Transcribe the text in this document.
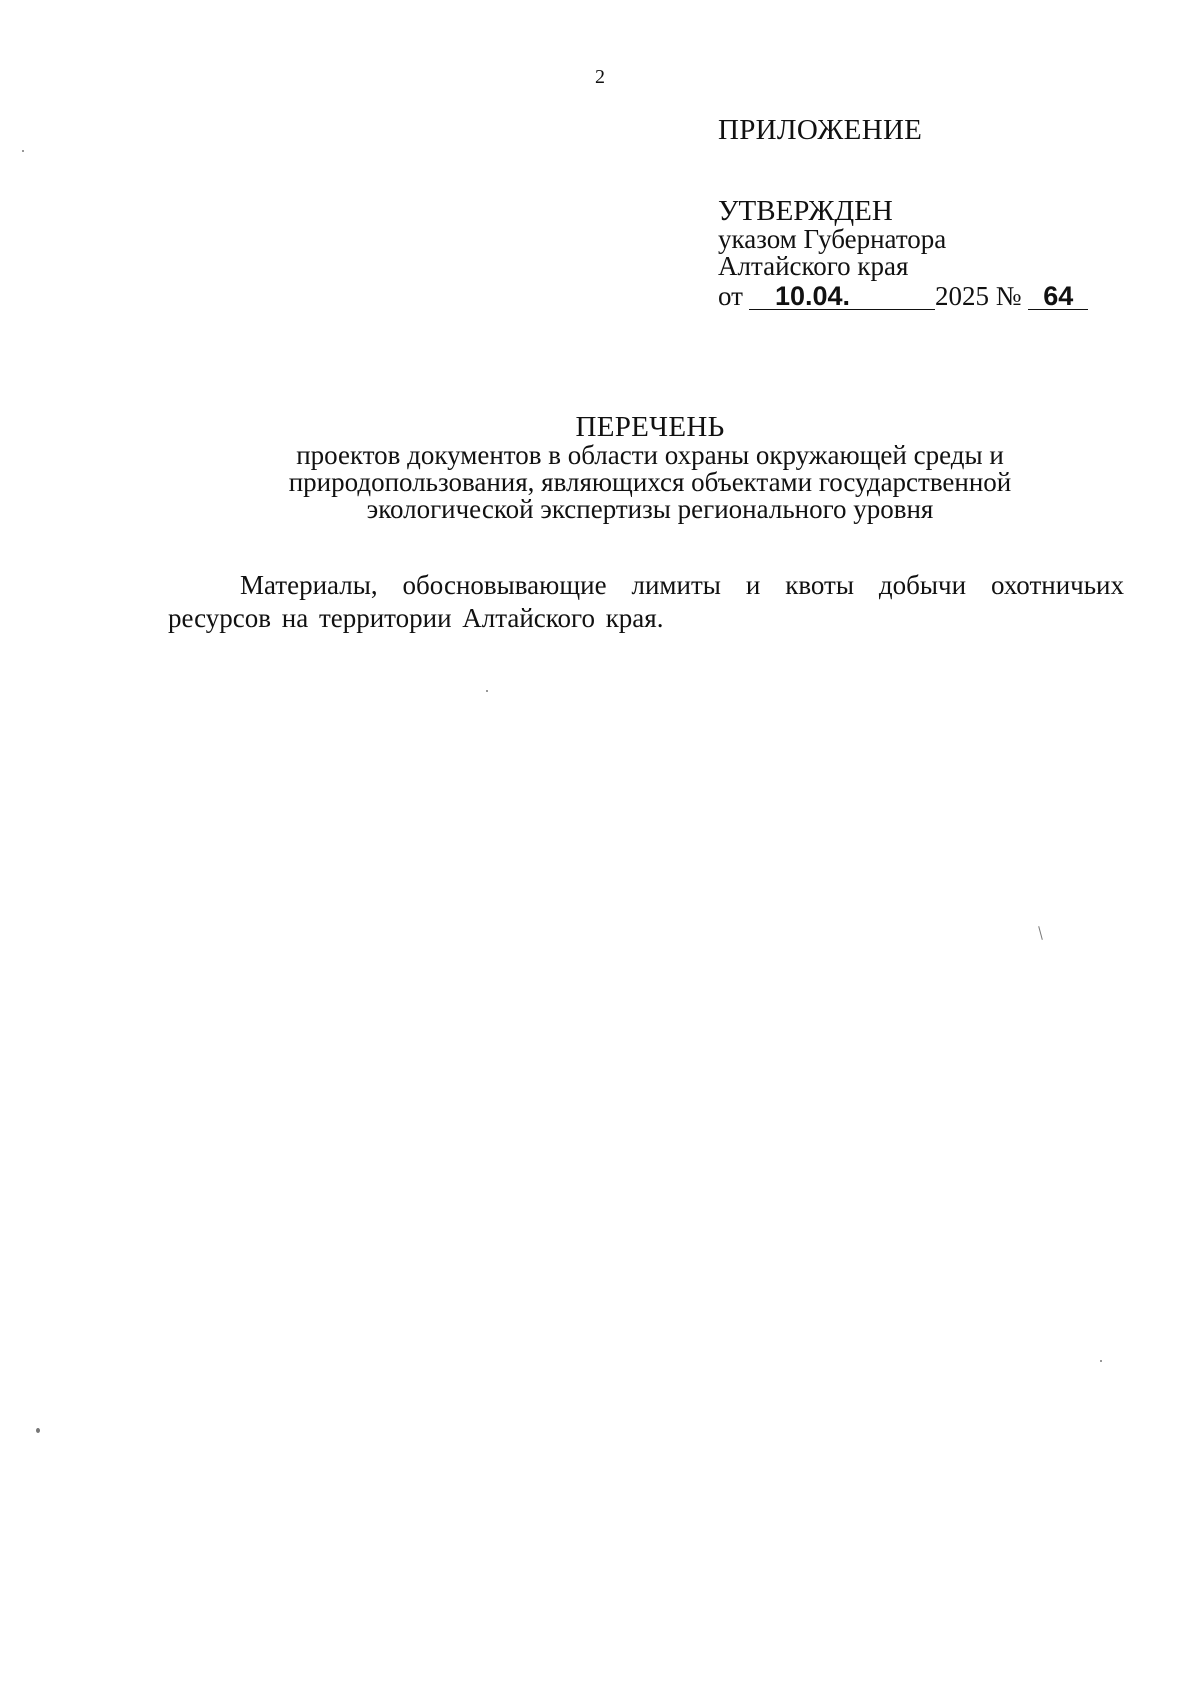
2
ПРИЛОЖЕНИЕ
УТВЕРЖДЕН
указом Губернатора
Алтайского края
от 10.04.	2025 № 64
ПЕРЕЧЕНЬ
проектов документов в области охраны окружающей среды и
природопользования, являющихся объектами государственной
экологической экспертизы регионального уровня

Материалы, обосновывающие лимиты и квоты добычи охотничьих ресурсов на территории Алтайского края.
